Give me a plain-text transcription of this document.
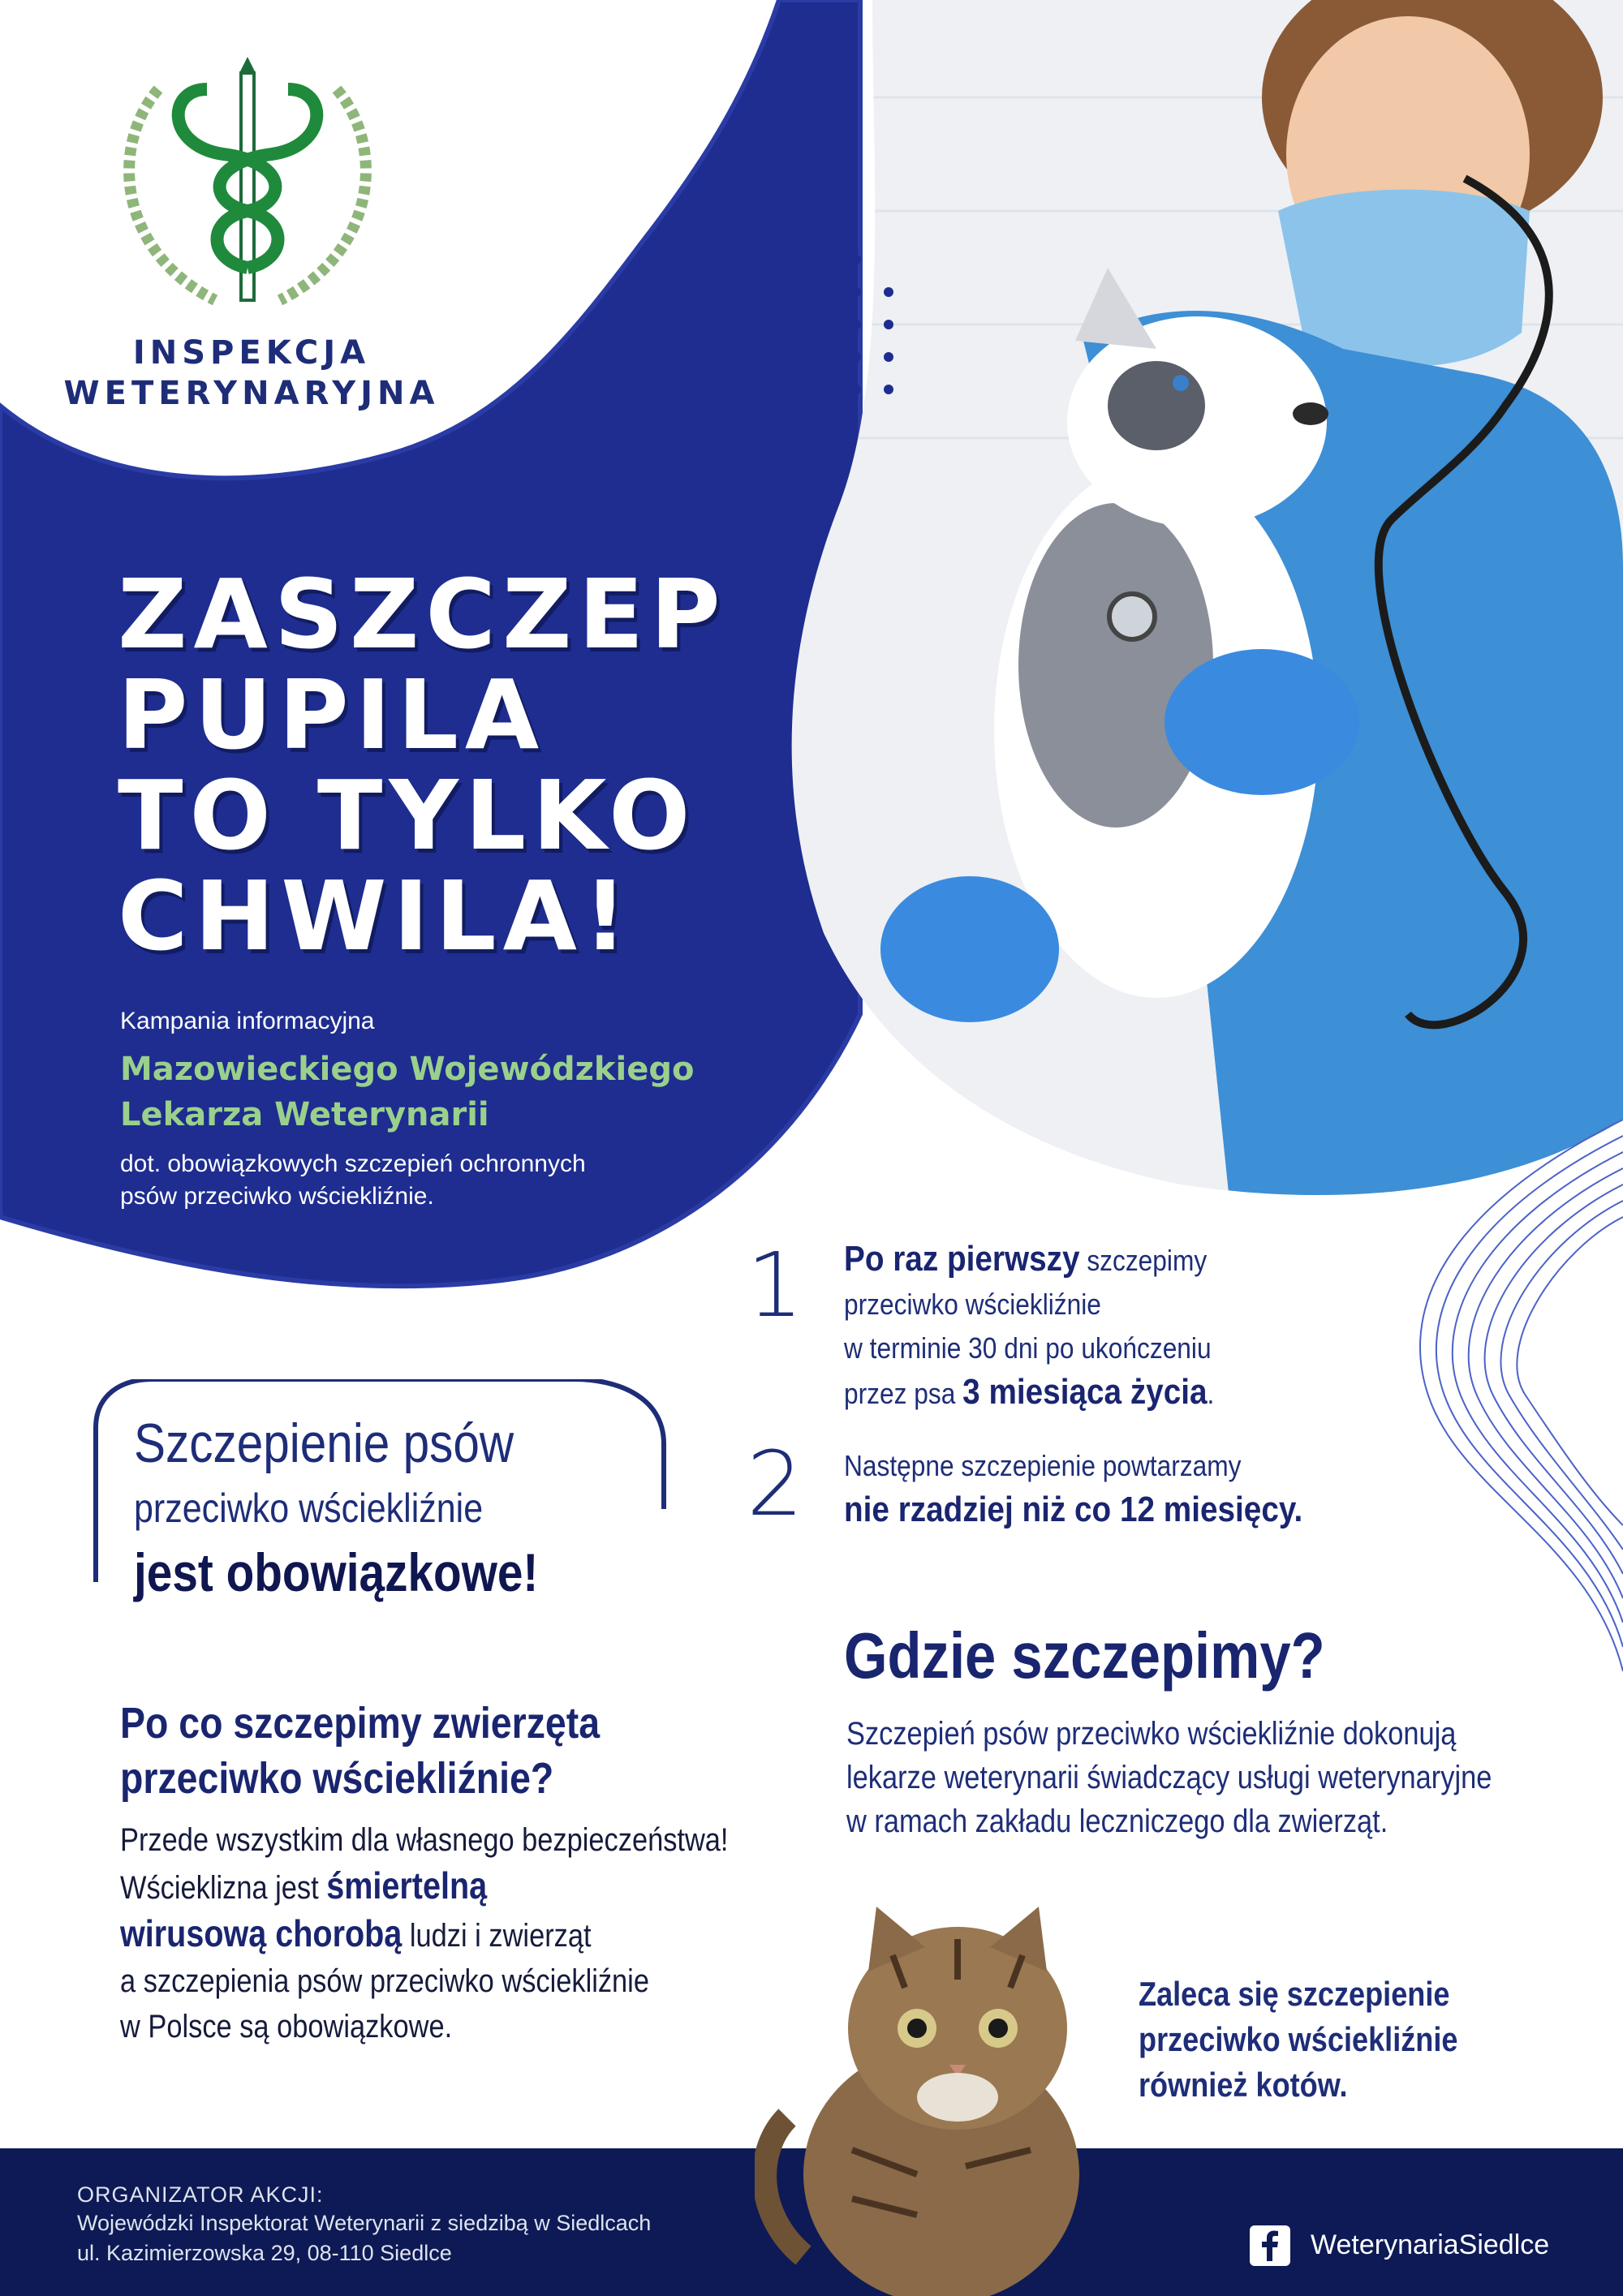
INSPEKCJA
WETERYNARYJNA
ZASZCZEP
PUPILA
TO TYLKO
CHWILA!
Kampania informacyjna
Mazowieckiego Wojewódzkiego
Lekarza Weterynarii
dot. obowiązkowych szczepień ochronnych
psów przeciwko wściekliźnie.
Szczepienie psów
przeciwko wściekliźnie
jest obowiązkowe!
1 Po raz pierwszy szczepimy
przeciwko wściekliźnie
w terminie 30 dni po ukończeniu
przez psa 3 miesiąca życia.
2 Następne szczepienie powtarzamy
nie rzadziej niż co 12 miesięcy.
Gdzie szczepimy?
Szczepień psów przeciwko wściekliźnie dokonują
lekarze weterynarii świadczący usługi weterynaryjne
w ramach zakładu leczniczego dla zwierząt.
Po co szczepimy zwierzęta
przeciwko wściekliźnie?
Przede wszystkim dla własnego bezpieczeństwa!
Wścieklizna jest śmiertelną
wirusową chorobą ludzi i zwierząt
a szczepienia psów przeciwko wściekliźnie
w Polsce są obowiązkowe.
ORGANIZATOR AKCJI:
Wojewódzki Inspektorat Weterynarii z siedzibą w Siedlcach
ul. Kazimierzowska 29, 08-110 Siedlce	WeterynariaSiedlce
Zaleca się szczepienie
przeciwko wściekliźnie
również kotów.
